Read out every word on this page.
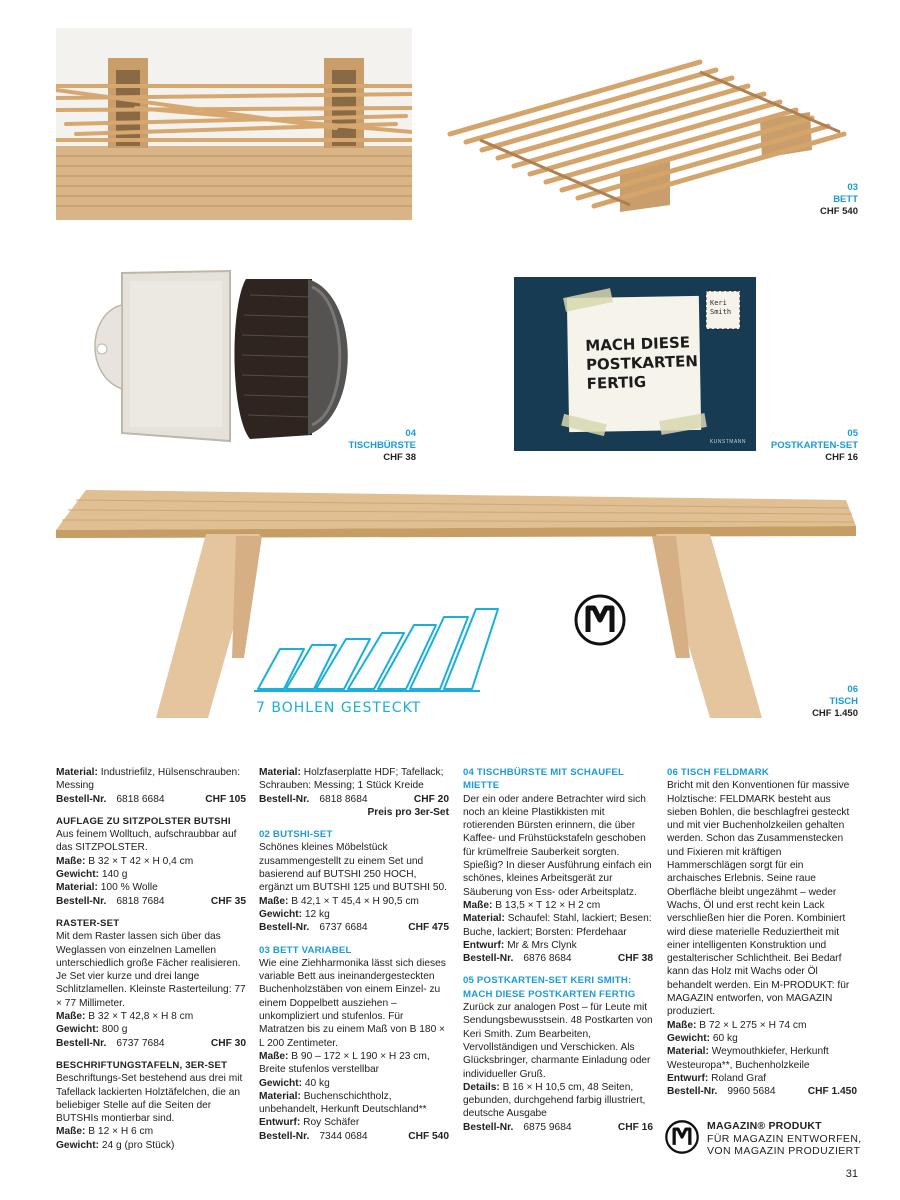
03
BETT
CHF 540
04
TISCHBÜRSTE
CHF 38
Keri Smith
MACH DIESE
POSTKARTEN
FERTIG
KUNSTMANN
05
POSTKARTEN-SET
CHF 16
7 BOHLEN GESTECKT
06
TISCH
CHF 1.450

Material: Industriefilz, Hülsenschrauben: Messing

Bestell-Nr. 6818 6684	CHF 105

AUFLAGE ZU SITZPOLSTER BUTSHI

Aus feinem Wolltuch, aufschraubbar auf das SITZPOLSTER.

Maße: B 32 × T 42 × H 0,4 cm

Gewicht: 140 g

Material: 100 % Wolle

Bestell-Nr. 6818 7684	CHF 35

RASTER-SET

Mit dem Raster lassen sich über das Weglassen von einzelnen Lamellen unterschiedlich große Fächer realisieren. Je Set vier kurze und drei lange Schlitzlamellen. Kleinste Rasterteilung: 77 × 77 Millimeter.

Maße: B 32 × T 42,8 × H 8 cm

Gewicht: 800 g

Bestell-Nr. 6737 7684	CHF 30

BESCHRIFTUNGSTAFELN, 3ER-SET

Beschriftungs-Set bestehend aus drei mit Tafellack lackierten Holztäfelchen, die an beliebiger Stelle auf die Seiten der BUTSHIs montierbar sind.

Maße: B 12 × H 6 cm

Gewicht: 24 g (pro Stück)

Material: Holzfaserplatte HDF; Tafellack; Schrauben: Messing; 1 Stück Kreide

Bestell-Nr. 6818 8684	CHF 20

Preis pro 3er-Set

02 BUTSHI-SET

Schönes kleines Möbelstück zusammengestellt zu einem Set und basierend auf BUTSHI 250 HOCH, ergänzt um BUTSHI 125 und BUTSHI 50.

Maße: B 42,1 × T 45,4 × H 90,5 cm

Gewicht: 12 kg

Bestell-Nr. 6737 6684	CHF 475

03 BETT VARIABEL

Wie eine Ziehharmonika lässt sich dieses variable Bett aus ineinandergesteckten Buchenholzstäben von einem Einzel- zu einem Doppelbett ausziehen – unkompliziert und stufenlos. Für Matratzen bis zu einem Maß von B 180 × L 200 Zentimeter.

Maße: B 90 – 172 × L 190 × H 23 cm, Breite stufenlos verstellbar

Gewicht: 40 kg

Material: Buchenschichtholz, unbehandelt, Herkunft Deutschland**

Entwurf: Roy Schäfer

Bestell-Nr. 7344 0684	CHF 540

04 TISCHBÜRSTE MIT SCHAUFEL MIETTE

Der ein oder andere Betrachter wird sich noch an kleine Plastikkisten mit rotierenden Bürsten erinnern, die über Kaffee- und Frühstückstafeln geschoben für krümelfreie Sauberkeit sorgten. Spießig? In dieser Ausführung einfach ein schönes, kleines Arbeitsgerät zur Säuberung von Ess- oder Arbeitsplatz.

Maße: B 13,5 × T 12 × H 2 cm

Material: Schaufel: Stahl, lackiert; Besen: Buche, lackiert; Borsten: Pferdehaar

Entwurf: Mr & Mrs Clynk

Bestell-Nr. 6876 8684	CHF 38

05 POSTKARTEN-SET KERI SMITH: MACH DIESE POSTKARTEN FERTIG

Zurück zur analogen Post – für Leute mit Sendungsbewusstsein. 48 Postkarten von Keri Smith. Zum Bearbeiten, Vervollständigen und Verschicken. Als Glücksbringer, charmante Einladung oder individueller Gruß.

Details: B 16 × H 10,5 cm, 48 Seiten, gebunden, durchgehend farbig illustriert, deutsche Ausgabe

Bestell-Nr. 6875 9684	CHF 16

06 TISCH FELDMARK

Bricht mit den Konventionen für massive Holztische: FELDMARK besteht aus sieben Bohlen, die beschlagfrei gesteckt und mit vier Buchenholzkeilen gehalten werden. Schon das Zusammenstecken und Fixieren mit kräftigen Hammerschlägen sorgt für ein archaisches Erlebnis. Seine raue Oberfläche bleibt ungezähmt – weder Wachs, Öl und erst recht kein Lack verschließen hier die Poren. Kombiniert wird diese materielle Reduziertheit mit einer intelligenten Konstruktion und gestalterischer Schlichtheit. Bei Bedarf kann das Holz mit Wachs oder Öl behandelt werden. Ein M-PRODUKT: für MAGAZIN entworfen, von MAGAZIN produziert.

Maße: B 72 × L 275 × H 74 cm

Gewicht: 60 kg

Material: Weymouthkiefer, Herkunft Westeuropa**, Buchenholzkeile

Entwurf: Roland Graf

Bestell-Nr. 9960 5684	CHF 1.450
MAGAZIN® PRODUKT
FÜR MAGAZIN ENTWORFEN,
VON MAGAZIN PRODUZIERT
31
